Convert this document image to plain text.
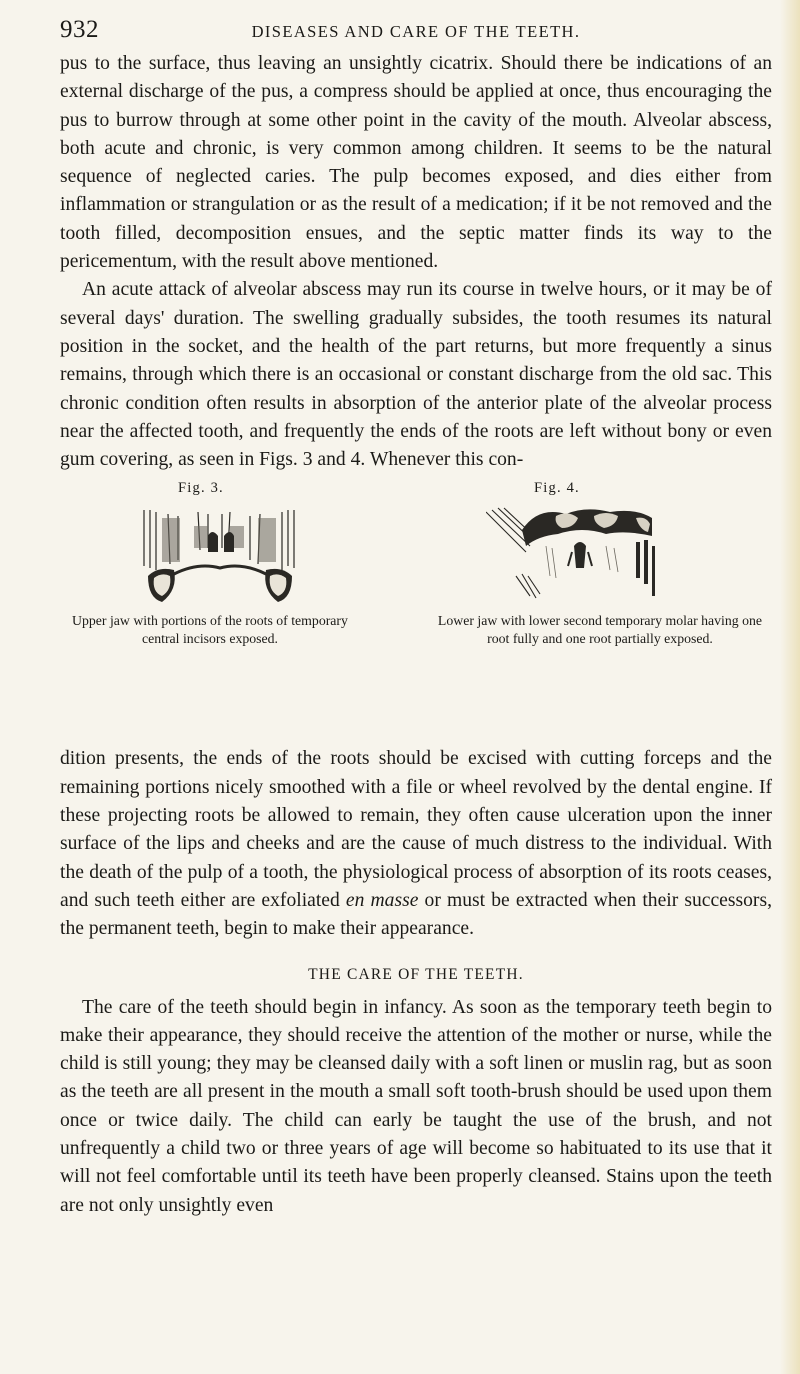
932	DISEASES AND CARE OF THE TEETH.

pus to the surface, thus leaving an unsightly cicatrix. Should there be indications of an external discharge of the pus, a compress should be applied at once, thus encouraging the pus to burrow through at some other point in the cavity of the mouth. Alveolar abscess, both acute and chronic, is very common among children. It seems to be the natural sequence of neglected caries. The pulp becomes exposed, and dies either from inflammation or strangulation or as the result of a medication; if it be not removed and the tooth filled, decomposition ensues, and the septic matter finds its way to the pericementum, with the result above mentioned.

An acute attack of alveolar abscess may run its course in twelve hours, or it may be of several days' duration. The swelling gradually subsides, the tooth resumes its natural position in the socket, and the health of the part returns, but more frequently a sinus remains, through which there is an occasional or constant discharge from the old sac. This chronic condition often results in absorption of the anterior plate of the alveolar process near the affected tooth, and frequently the ends of the roots are left without bony or even gum covering, as seen in Figs. 3 and 4. Whenever this con-

Fig. 3.
Upper jaw with portions of the roots of temporary central incisors exposed.
Fig. 4.
Lower jaw with lower second temporary molar having one root fully and one root partially exposed.

dition presents, the ends of the roots should be excised with cutting forceps and the remaining portions nicely smoothed with a file or wheel revolved by the dental engine. If these projecting roots be allowed to remain, they often cause ulceration upon the inner surface of the lips and cheeks and are the cause of much distress to the individual. With the death of the pulp of a tooth, the physiological process of absorption of its roots ceases, and such teeth either are exfoliated en masse or must be extracted when their successors, the permanent teeth, begin to make their appearance.

THE CARE OF THE TEETH.

The care of the teeth should begin in infancy. As soon as the temporary teeth begin to make their appearance, they should receive the attention of the mother or nurse, while the child is still young; they may be cleansed daily with a soft linen or muslin rag, but as soon as the teeth are all present in the mouth a small soft tooth-brush should be used upon them once or twice daily. The child can early be taught the use of the brush, and not unfrequently a child two or three years of age will become so habituated to its use that it will not feel comfortable until its teeth have been properly cleansed. Stains upon the teeth are not only unsightly even
